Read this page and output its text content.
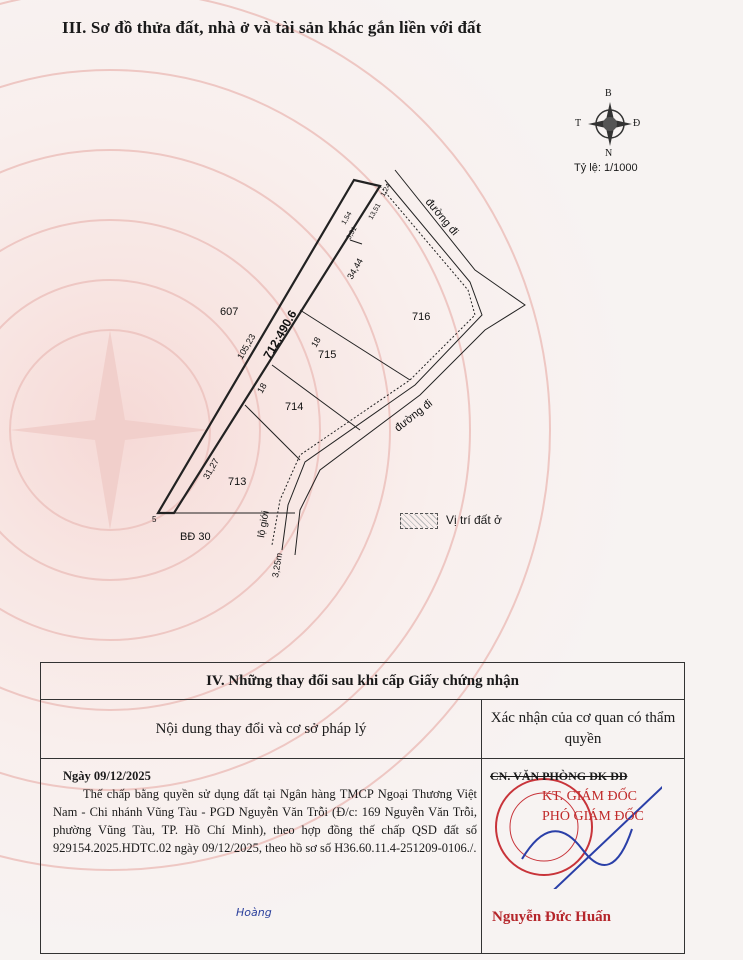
III. Sơ đồ thửa đất, nhà ở và tài sản khác gắn liền với đất
B
N
T	Đ
Tỷ lệ: 1/1000
607	716
715
714
713
BĐ 30
5
712;490.6
105,23
34,44
31,27
18
18
1,54
3,31
13,51
1,24
đường đi
đường đi
lộ giới
3,25m
Vị trí đất ở
IV. Những thay đổi sau khi cấp Giấy chứng nhận
Nội dung thay đổi và cơ sở pháp lý
Xác nhận của cơ quan có thẩm quyền
Ngày 09/12/2025
Thế chấp bằng quyền sử dụng đất tại Ngân hàng TMCP Ngoại Thương Việt Nam - Chi nhánh Vũng Tàu - PGD Nguyễn Văn Trỗi (Đ/c: 169 Nguyễn Văn Trỗi, phường Vũng Tàu, TP. Hồ Chí Minh), theo hợp đồng thế chấp QSD đất số 929154.2025.HDTC.02 ngày 09/12/2025, theo hồ sơ số H36.60.11.4-251209-0106./.
Hoàng
CN. VĂN PHÒNG ĐK ĐĐ
KT. GIÁM ĐỐC
PHÓ GIÁM ĐỐC
Nguyễn Đức Huấn
